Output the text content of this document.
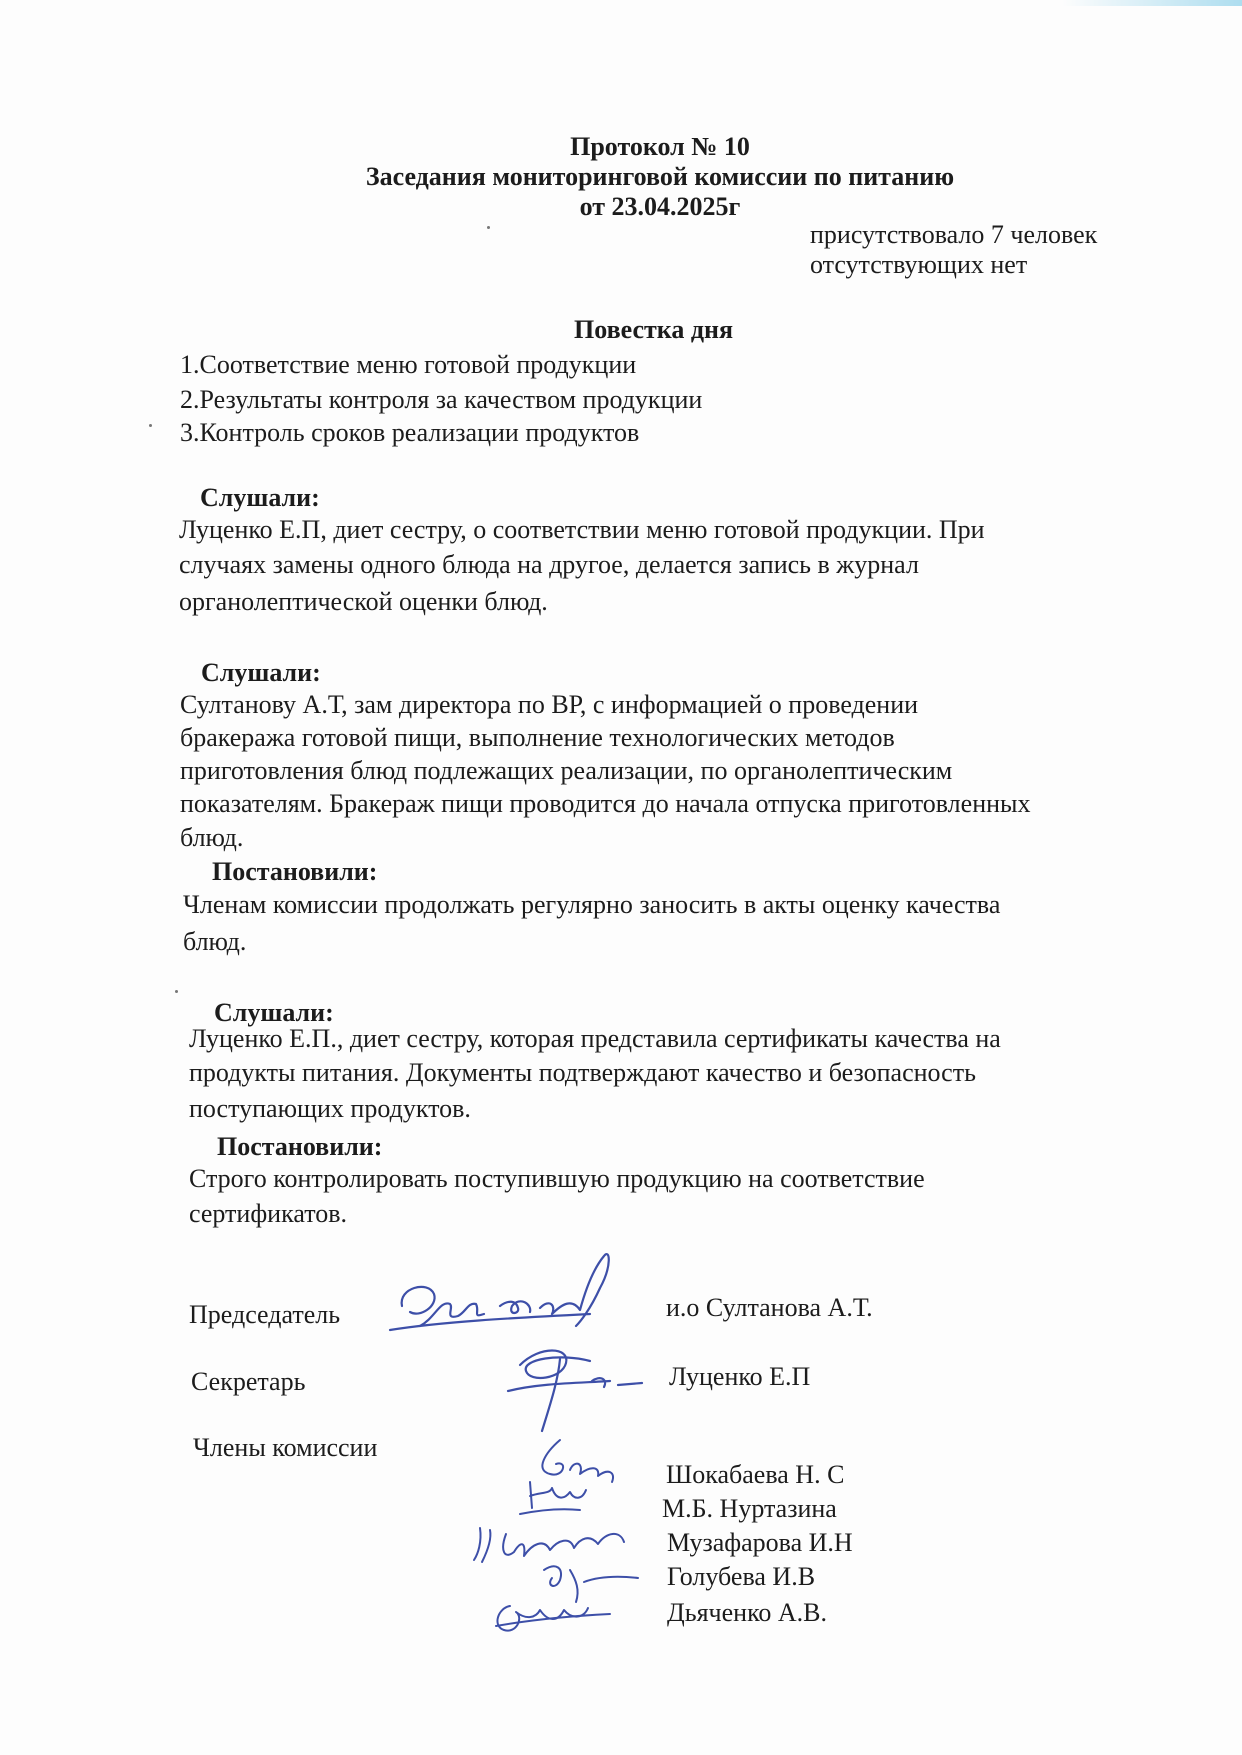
Протокол № 10
Заседания мониторинговой комиссии по питанию
от 23.04.2025г
присутствовало 7 человек
отсутствующих нет
Повестка дня
1.Соответствие меню готовой продукции
2.Результаты контроля за качеством продукции
3.Контроль сроков реализации продуктов
Слушали:
Луценко Е.П, диет сестру, о соответствии меню готовой продукции. При
случаях замены одного блюда на другое, делается запись в журнал
органолептической оценки блюд.
Слушали:
Султанову А.Т, зам директора по ВР, с информацией о проведении
бракеража готовой пищи, выполнение технологических методов
приготовления блюд подлежащих реализации, по органолептическим
показателям. Бракераж пищи проводится до начала отпуска приготовленных
блюд.
Постановили:
Членам комиссии продолжать регулярно заносить в акты оценку качества
блюд.
Слушали:
Луценко Е.П., диет сестру, которая представила сертификаты качества на
продукты питания. Документы подтверждают качество и безопасность
поступающих продуктов.
Постановили:
Строго контролировать поступившую продукцию на соответствие
сертификатов.
Председатель	и.о Султанова А.Т.
Секретарь	Луценко Е.П
Члены комиссии
Шокабаева Н. С
М.Б. Нуртазина
Музафарова И.Н
Голубева И.В
Дьяченко А.В.
